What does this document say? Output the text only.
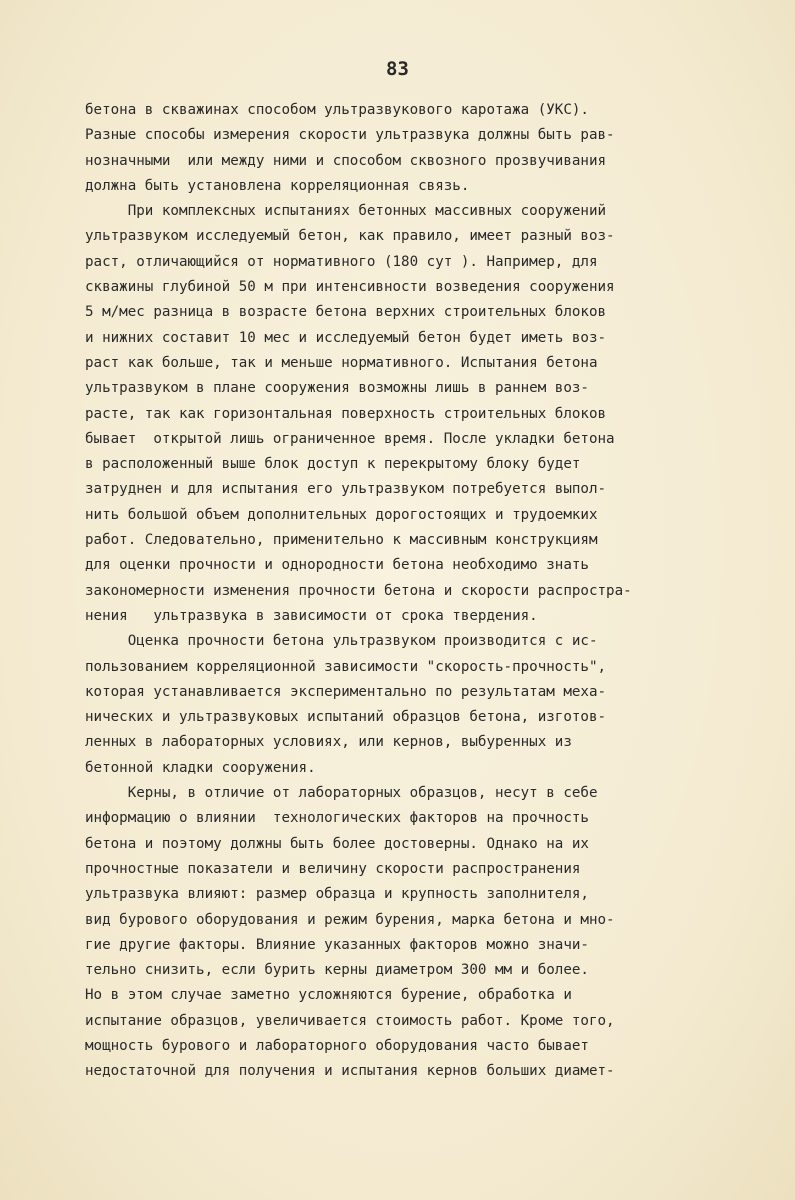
83
бетона в скважинах способом ультразвукового каротажа (УКС).
Разные способы измерения скорости ультразвука должны быть рав-
нозначными  или между ними и способом сквозного прозвучивания
должна быть установлена корреляционная связь.
При комплексных испытаниях бетонных массивных сооружений
ультразвуком исследуемый бетон, как правило, имеет разный воз-
раст, отличающийся от нормативного (180 сут ). Например, для
скважины глубиной 50 м при интенсивности возведения сооружения
5 м/мес разница в возрасте бетона верхних строительных блоков
и нижних составит 10 мес и исследуемый бетон будет иметь воз-
раст как больше, так и меньше нормативного. Испытания бетона
ультразвуком в плане сооружения возможны лишь в раннем воз-
расте, так как горизонтальная поверхность строительных блоков
бывает  открытой лишь ограниченное время. После укладки бетона
в расположенный выше блок доступ к перекрытому блоку будет
затруднен и для испытания его ультразвуком потребуется выпол-
нить большой объем дополнительных дорогостоящих и трудоемких
работ. Следовательно, применительно к массивным конструкциям
для оценки прочности и однородности бетона необходимо знать
закономерности изменения прочности бетона и скорости распростра-
нения   ультразвука в зависимости от срока твердения.
Оценка прочности бетона ультразвуком производится с ис-
пользованием корреляционной зависимости "скорость-прочность",
которая устанавливается экспериментально по результатам меха-
нических и ультразвуковых испытаний образцов бетона, изготов-
ленных в лабораторных условиях, или кернов, выбуренных из
бетонной кладки сооружения.
Керны, в отличие от лабораторных образцов, несут в себе
информацию о влиянии  технологических факторов на прочность
бетона и поэтому должны быть более достоверны. Однако на их
прочностные показатели и величину скорости распространения
ультразвука влияют: размер образца и крупность заполнителя,
вид бурового оборудования и режим бурения, марка бетона и мно-
гие другие факторы. Влияние указанных факторов можно значи-
тельно снизить, если бурить керны диаметром 300 мм и более.
Но в этом случае заметно усложняются бурение, обработка и
испытание образцов, увеличивается стоимость работ. Кроме того,
мощность бурового и лабораторного оборудования часто бывает
недостаточной для получения и испытания кернов больших диамет-
